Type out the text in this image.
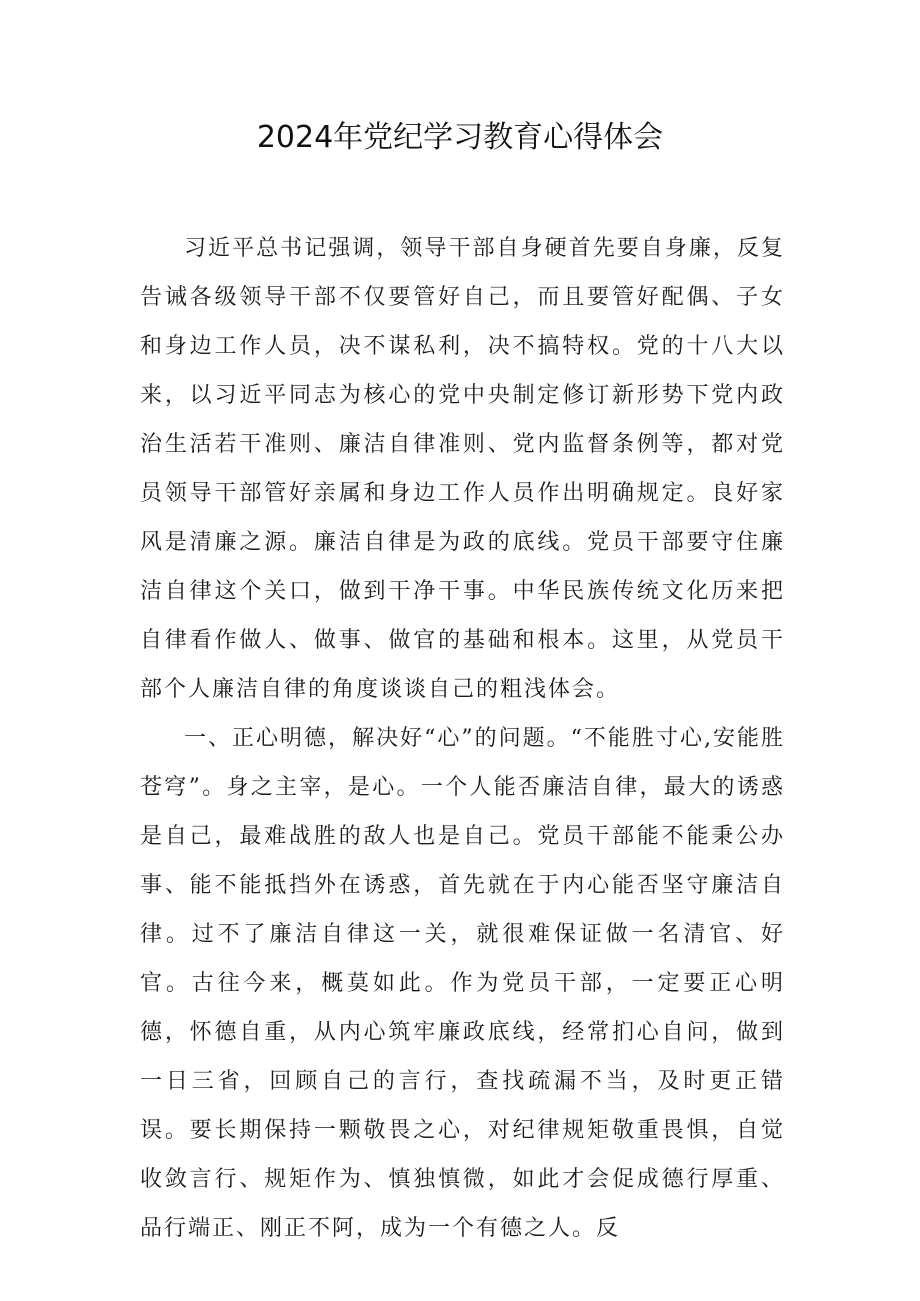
2024年党纪学习教育心得体会

习近平总书记强调，领导干部自身硬首先要自身廉，反复告诫各级领导干部不仅要管好自己，而且要管好配偶、子女和身边工作人员，决不谋私利，决不搞特权。党的十八大以来，以习近平同志为核心的党中央制定修订新形势下党内政治生活若干准则、廉洁自律准则、党内监督条例等，都对党员领导干部管好亲属和身边工作人员作出明确规定。良好家风是清廉之源。廉洁自律是为政的底线。党员干部要守住廉洁自律这个关口，做到干净干事。中华民族传统文化历来把自律看作做人、做事、做官的基础和根本。这里，从党员干部个人廉洁自律的角度谈谈自己的粗浅体会。

一、正心明德，解决好“心”的问题。“不能胜寸心,安能胜苍穹”。身之主宰，是心。一个人能否廉洁自律，最大的诱惑是自己，最难战胜的敌人也是自己。党员干部能不能秉公办事、能不能抵挡外在诱惑，首先就在于内心能否坚守廉洁自律。过不了廉洁自律这一关，就很难保证做一名清官、好官。古往今来，概莫如此。作为党员干部，一定要正心明德，怀德自重，从内心筑牢廉政底线，经常扪心自问，做到一日三省，回顾自己的言行，查找疏漏不当，及时更正错误。要长期保持一颗敬畏之心，对纪律规矩敬重畏惧，自觉收敛言行、规矩作为、慎独慎微，如此才会促成德行厚重、品行端正、刚正不阿，成为一个有德之人。反
